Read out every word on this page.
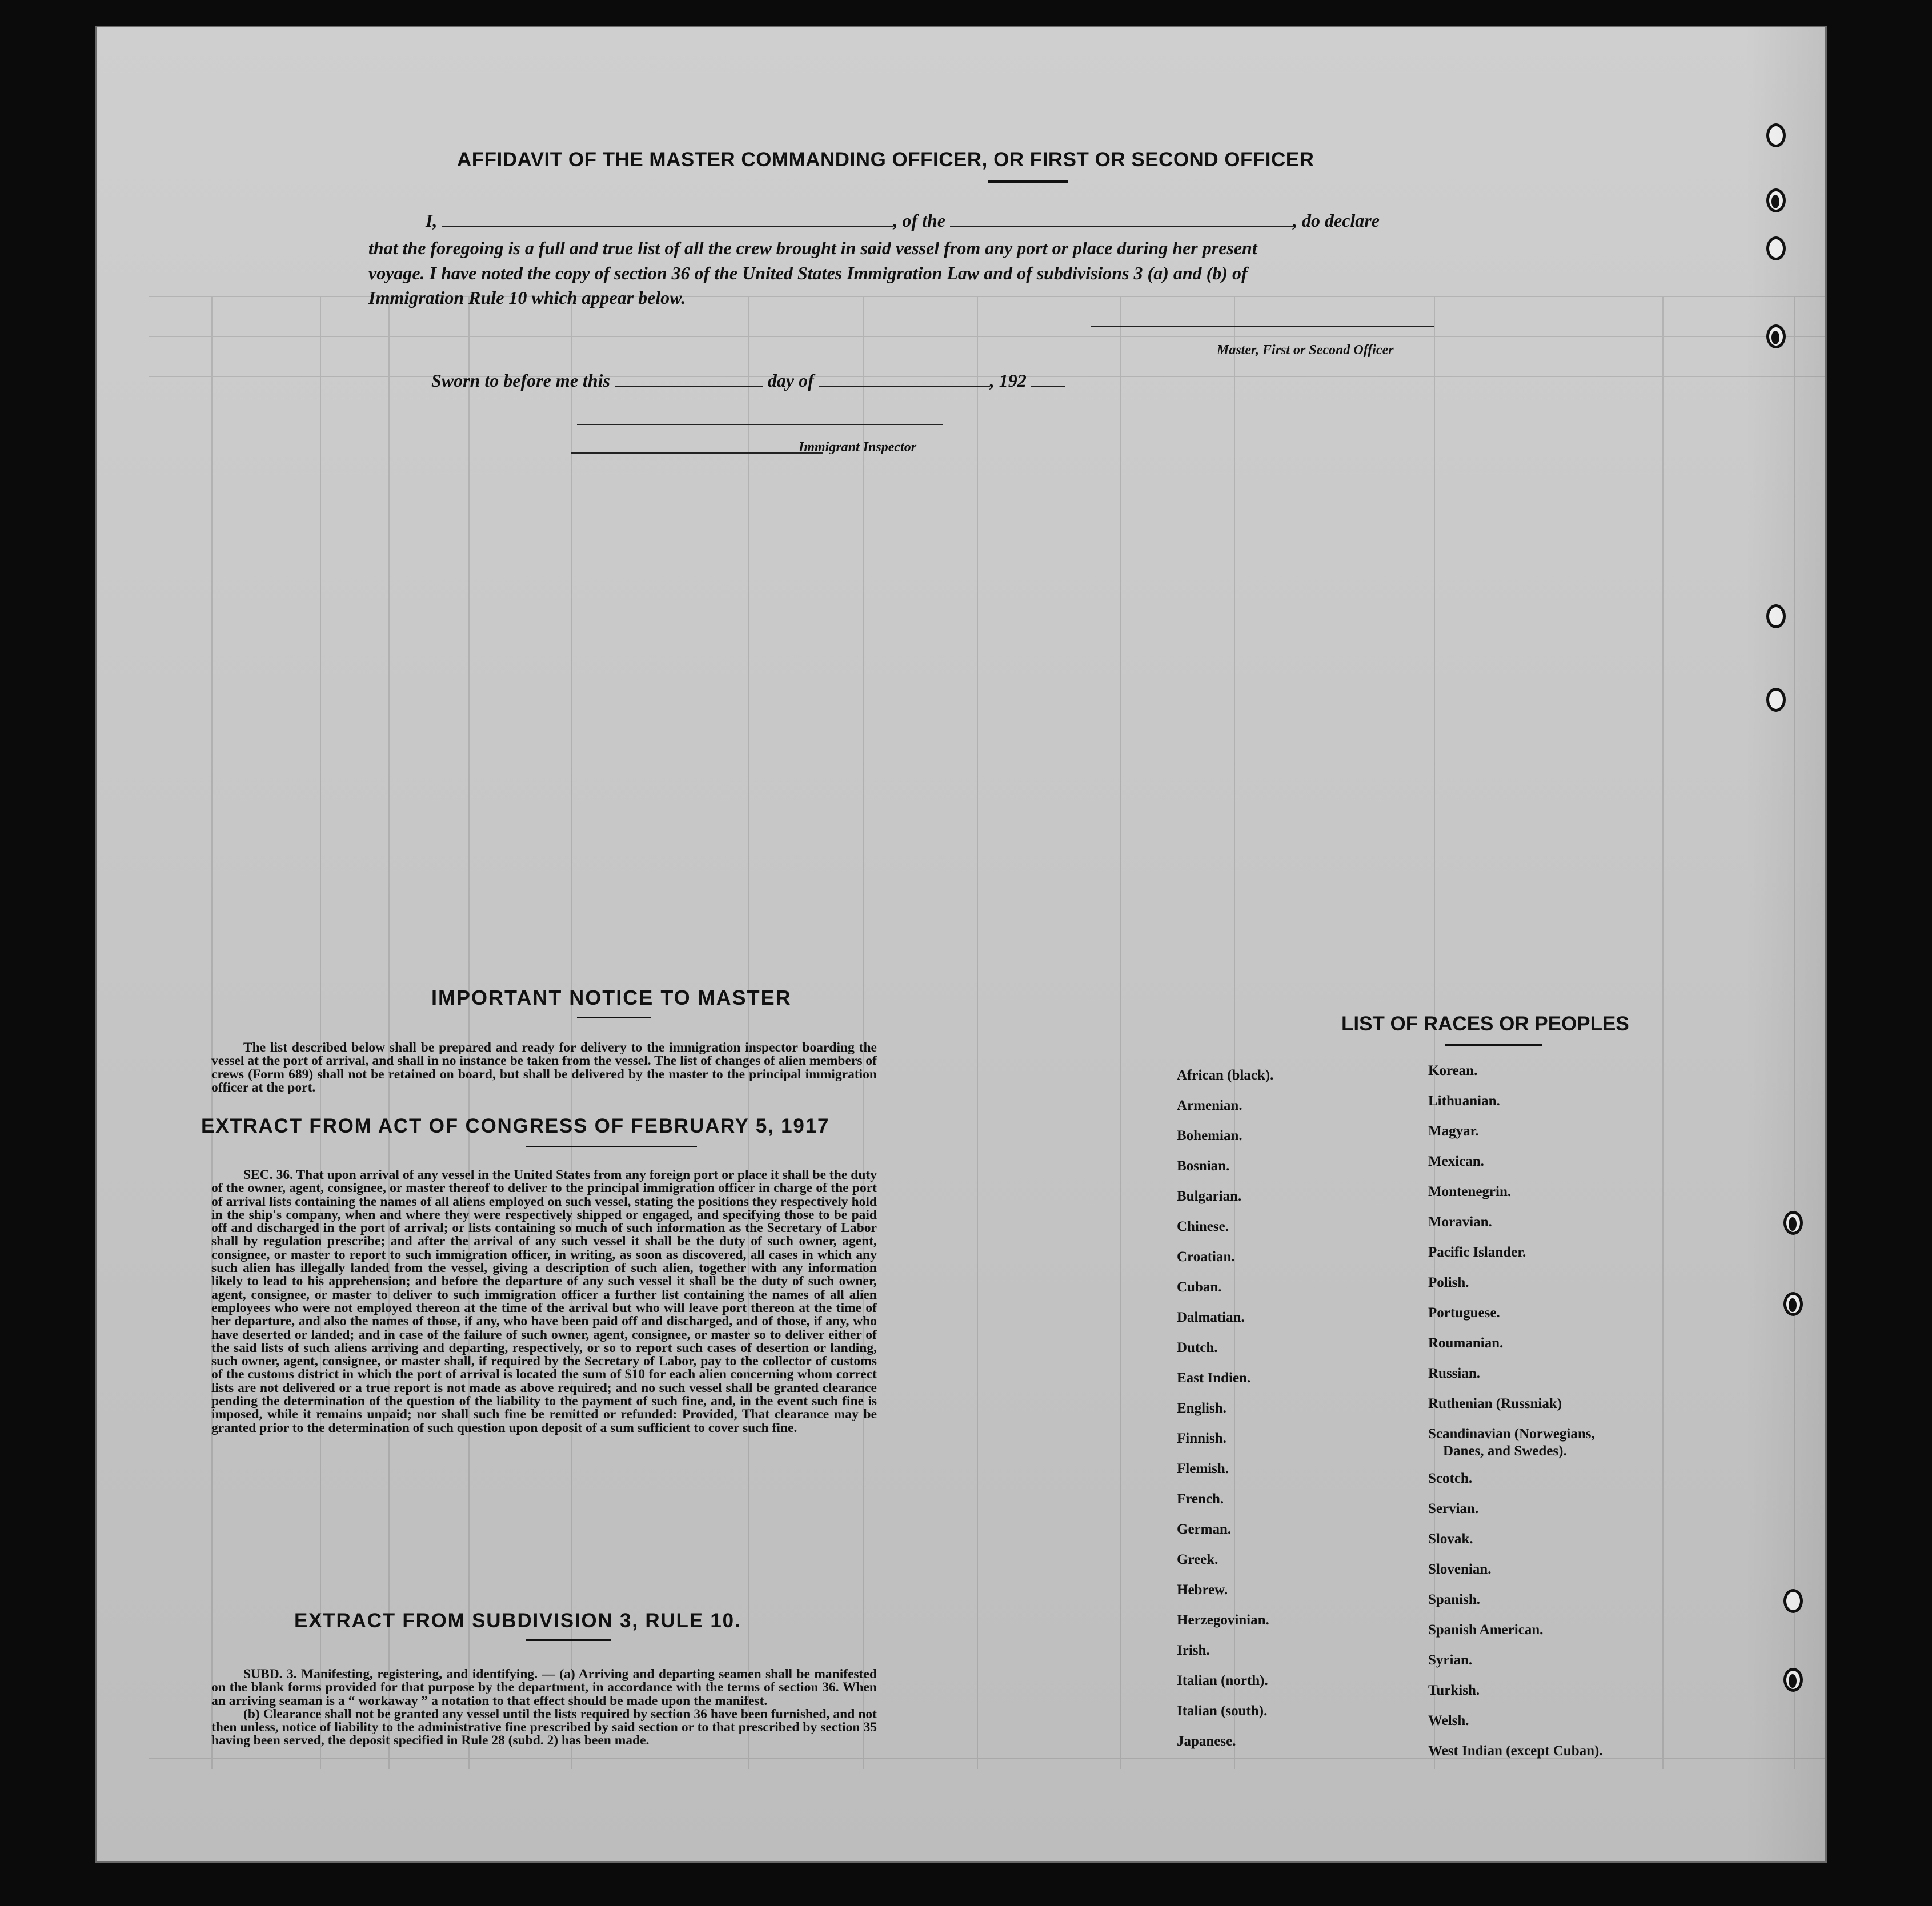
AFFIDAVIT OF THE MASTER COMMANDING OFFICER, OR FIRST OR SECOND OFFICER
I,	, of the	, do declare
that the foregoing is a full and true list of all the crew brought in said vessel from any port or place during her present
voyage. I have noted the copy of section 36 of the United States Immigration Law and of subdivisions 3 (a) and (b) of
Immigration Rule 10 which appear below.
Master, First or Second Officer
Sworn to before me this	day of	, 192
Immigrant Inspector
IMPORTANT NOTICE TO MASTER

The list described below shall be prepared and ready for delivery to the immigration inspector boarding the vessel at the port of arrival, and shall in no instance be taken from the vessel. The list of changes of alien members of crews (Form 689) shall not be retained on board, but shall be delivered by the master to the principal immigration officer at the port.

EXTRACT FROM ACT OF CONGRESS OF FEBRUARY 5, 1917

SEC. 36. That upon arrival of any vessel in the United States from any foreign port or place it shall be the duty of the owner, agent, consignee, or master thereof to deliver to the principal immigration officer in charge of the port of arrival lists containing the names of all aliens employed on such vessel, stating the positions they respectively hold in the ship's company, when and where they were respectively shipped or engaged, and specifying those to be paid off and discharged in the port of arrival; or lists containing so much of such information as the Secretary of Labor shall by regulation prescribe; and after the arrival of any such vessel it shall be the duty of such owner, agent, consignee, or master to report to such immigration officer, in writing, as soon as discovered, all cases in which any such alien has illegally landed from the vessel, giving a description of such alien, together with any information likely to lead to his apprehension; and before the departure of any such vessel it shall be the duty of such owner, agent, consignee, or master to deliver to such immigration officer a further list containing the names of all alien employees who were not employed thereon at the time of the arrival but who will leave port thereon at the time of her departure, and also the names of those, if any, who have been paid off and discharged, and of those, if any, who have deserted or landed; and in case of the failure of such owner, agent, consignee, or master so to deliver either of the said lists of such aliens arriving and departing, respectively, or so to report such cases of desertion or landing, such owner, agent, consignee, or master shall, if required by the Secretary of Labor, pay to the collector of customs of the customs district in which the port of arrival is located the sum of $10 for each alien concerning whom correct lists are not delivered or a true report is not made as above required; and no such vessel shall be granted clearance pending the determination of the question of the liability to the payment of such fine, and, in the event such fine is imposed, while it remains unpaid; nor shall such fine be remitted or refunded: Provided, That clearance may be granted prior to the determination of such question upon deposit of a sum sufficient to cover such fine.

EXTRACT FROM SUBDIVISION 3, RULE 10.

SUBD. 3. Manifesting, registering, and identifying. — (a) Arriving and departing seamen shall be manifested on the blank forms provided for that purpose by the department, in accordance with the terms of section 36. When an arriving seaman is a “ workaway ” a notation to that effect should be made upon the manifest.

(b) Clearance shall not be granted any vessel until the lists required by section 36 have been furnished, and not then unless, notice of liability to the administrative fine prescribed by said section or to that prescribed by section 35 having been served, the deposit specified in Rule 28 (subd. 2) has been made.

LIST OF RACES OR PEOPLES
African (black).
Armenian.
Bohemian.
Bosnian.
Bulgarian.
Chinese.
Croatian.
Cuban.
Dalmatian.
Dutch.
East Indien.
English.
Finnish.
Flemish.
French.
German.
Greek.
Hebrew.
Herzegovinian.
Irish.
Italian (north).
Italian (south).
Japanese.
Korean.
Lithuanian.
Magyar.
Mexican.
Montenegrin.
Moravian.
Pacific Islander.
Polish.
Portuguese.
Roumanian.
Russian.
Ruthenian (Russniak)
Scandinavian (Norwegians,
Danes, and Swedes).
Scotch.
Servian.
Slovak.
Slovenian.
Spanish.
Spanish American.
Syrian.
Turkish.
Welsh.
West Indian (except Cuban).
